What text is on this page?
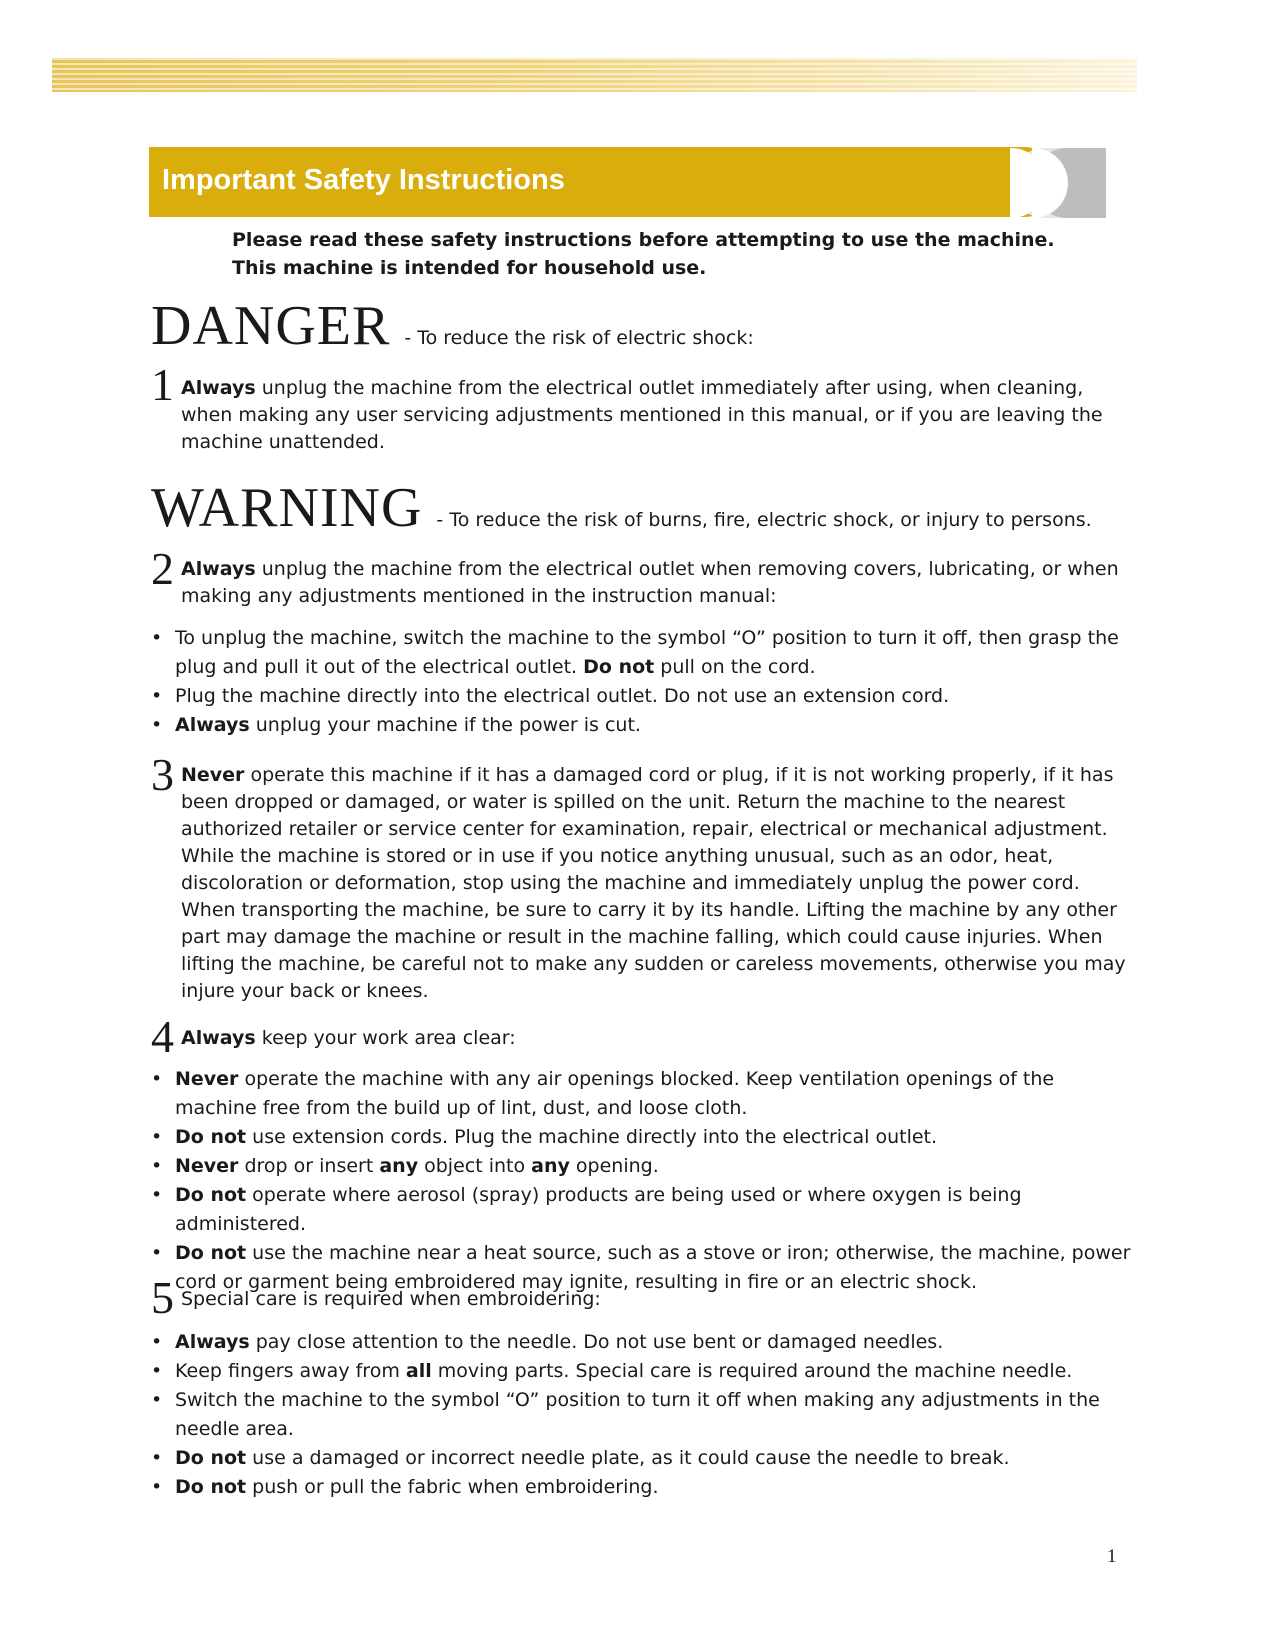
Important Safety Instructions
Please read these safety instructions before attempting to use the machine.
This machine is intended for household use.
DANGER - To reduce the risk of electric shock:
1 Always unplug the machine from the electrical outlet immediately after using, when cleaning, when making any user servicing adjustments mentioned in this manual, or if you are leaving the machine unattended.
WARNING - To reduce the risk of burns, fire, electric shock, or injury to persons.
2 Always unplug the machine from the electrical outlet when removing covers, lubricating, or when making any adjustments mentioned in the instruction manual:
• To unplug the machine, switch the machine to the symbol “O” position to turn it off, then grasp the plug and pull it out of the electrical outlet. Do not pull on the cord.
• Plug the machine directly into the electrical outlet. Do not use an extension cord.
• Always unplug your machine if the power is cut.
3 Never operate this machine if it has a damaged cord or plug, if it is not working properly, if it has been dropped or damaged, or water is spilled on the unit. Return the machine to the nearest authorized retailer or service center for examination, repair, electrical or mechanical adjustment. While the machine is stored or in use if you notice anything unusual, such as an odor, heat, discoloration or deformation, stop using the machine and immediately unplug the power cord. When transporting the machine, be sure to carry it by its handle. Lifting the machine by any other part may damage the machine or result in the machine falling, which could cause injuries. When lifting the machine, be careful not to make any sudden or careless movements, otherwise you may injure your back or knees.
4 Always keep your work area clear:
• Never operate the machine with any air openings blocked. Keep ventilation openings of the machine free from the build up of lint, dust, and loose cloth.
• Do not use extension cords. Plug the machine directly into the electrical outlet.
• Never drop or insert any object into any opening.
• Do not operate where aerosol (spray) products are being used or where oxygen is being administered.
• Do not use the machine near a heat source, such as a stove or iron; otherwise, the machine, power cord or garment being embroidered may ignite, resulting in fire or an electric shock.
5 Special care is required when embroidering:
• Always pay close attention to the needle. Do not use bent or damaged needles.
• Keep fingers away from all moving parts. Special care is required around the machine needle.
• Switch the machine to the symbol “O” position to turn it off when making any adjustments in the needle area.
• Do not use a damaged or incorrect needle plate, as it could cause the needle to break.
• Do not push or pull the fabric when embroidering.
1
